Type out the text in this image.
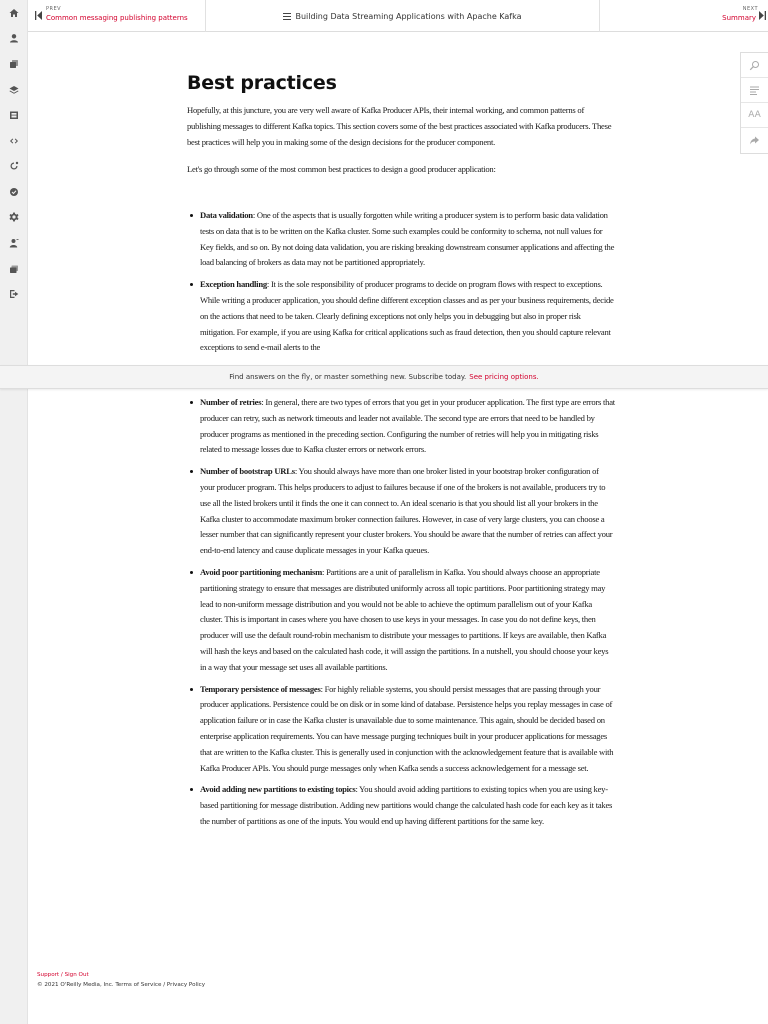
PREV
Common messaging publishing patterns	Building Data Streaming Applications with Apache Kafka
NEXT
Summary
AA
Best practices

Hopefully, at this juncture, you are very well aware of Kafka Producer APIs, their internal working, and common patterns of publishing messages to different Kafka topics. This section covers some of the best practices associated with Kafka producers. These best practices will help you in making some of the design decisions for the producer component.

Let's go through some of the most common best practices to design a good producer application:

Data validation: One of the aspects that is usually forgotten while writing a producer system is to perform basic data validation tests on data that is to be written on the Kafka cluster. Some such examples could be conformity to schema, not null values for Key fields, and so on. By not doing data validation, you are risking breaking downstream consumer applications and affecting the load balancing of brokers as data may not be partitioned appropriately.
Exception handling: It is the sole responsibility of producer programs to decide on program flows with respect to exceptions. While writing a producer application, you should define different exception classes and as per your business requirements, decide on the actions that need to be taken. Clearly defining exceptions not only helps you in debugging but also in proper risk mitigation. For example, if you are using Kafka for critical applications such as fraud detection, then you should capture relevant exceptions to send e-mail alerts to the
Number of retries: In general, there are two types of errors that you get in your producer application. The first type are errors that producer can retry, such as network timeouts and leader not available. The second type are errors that need to be handled by producer programs as mentioned in the preceding section. Configuring the number of retries will help you in mitigating risks related to message losses due to Kafka cluster errors or network errors.
Number of bootstrap URLs: You should always have more than one broker listed in your bootstrap broker configuration of your producer program. This helps producers to adjust to failures because if one of the brokers is not available, producers try to use all the listed brokers until it finds the one it can connect to. An ideal scenario is that you should list all your brokers in the Kafka cluster to accommodate maximum broker connection failures. However, in case of very large clusters, you can choose a lesser number that can significantly represent your cluster brokers. You should be aware that the number of retries can affect your end-to-end latency and cause duplicate messages in your Kafka queues.
Avoid poor partitioning mechanism: Partitions are a unit of parallelism in Kafka. You should always choose an appropriate partitioning strategy to ensure that messages are distributed uniformly across all topic partitions. Poor partitioning strategy may lead to non-uniform message distribution and you would not be able to achieve the optimum parallelism out of your Kafka cluster. This is important in cases where you have chosen to use keys in your messages. In case you do not define keys, then producer will use the default round-robin mechanism to distribute your messages to partitions. If keys are available, then Kafka will hash the keys and based on the calculated hash code, it will assign the partitions. In a nutshell, you should choose your keys in a way that your message set uses all available partitions.
Temporary persistence of messages: For highly reliable systems, you should persist messages that are passing through your producer applications. Persistence could be on disk or in some kind of database. Persistence helps you replay messages in case of application failure or in case the Kafka cluster is unavailable due to some maintenance. This again, should be decided based on enterprise application requirements. You can have message purging techniques built in your producer applications for messages that are written to the Kafka cluster. This is generally used in conjunction with the acknowledgement feature that is available with Kafka Producer APIs. You should purge messages only when Kafka sends a success acknowledgement for a message set.
Avoid adding new partitions to existing topics: You should avoid adding partitions to existing topics when you are using key-based partitioning for message distribution. Adding new partitions would change the calculated hash code for each key as it takes the number of partitions as one of the inputs. You would end up having different partitions for the same key.
Find answers on the fly, or master something new. Subscribe today. See pricing options.
Support / Sign Out
© 2021 O'Reilly Media, Inc. Terms of Service / Privacy Policy
